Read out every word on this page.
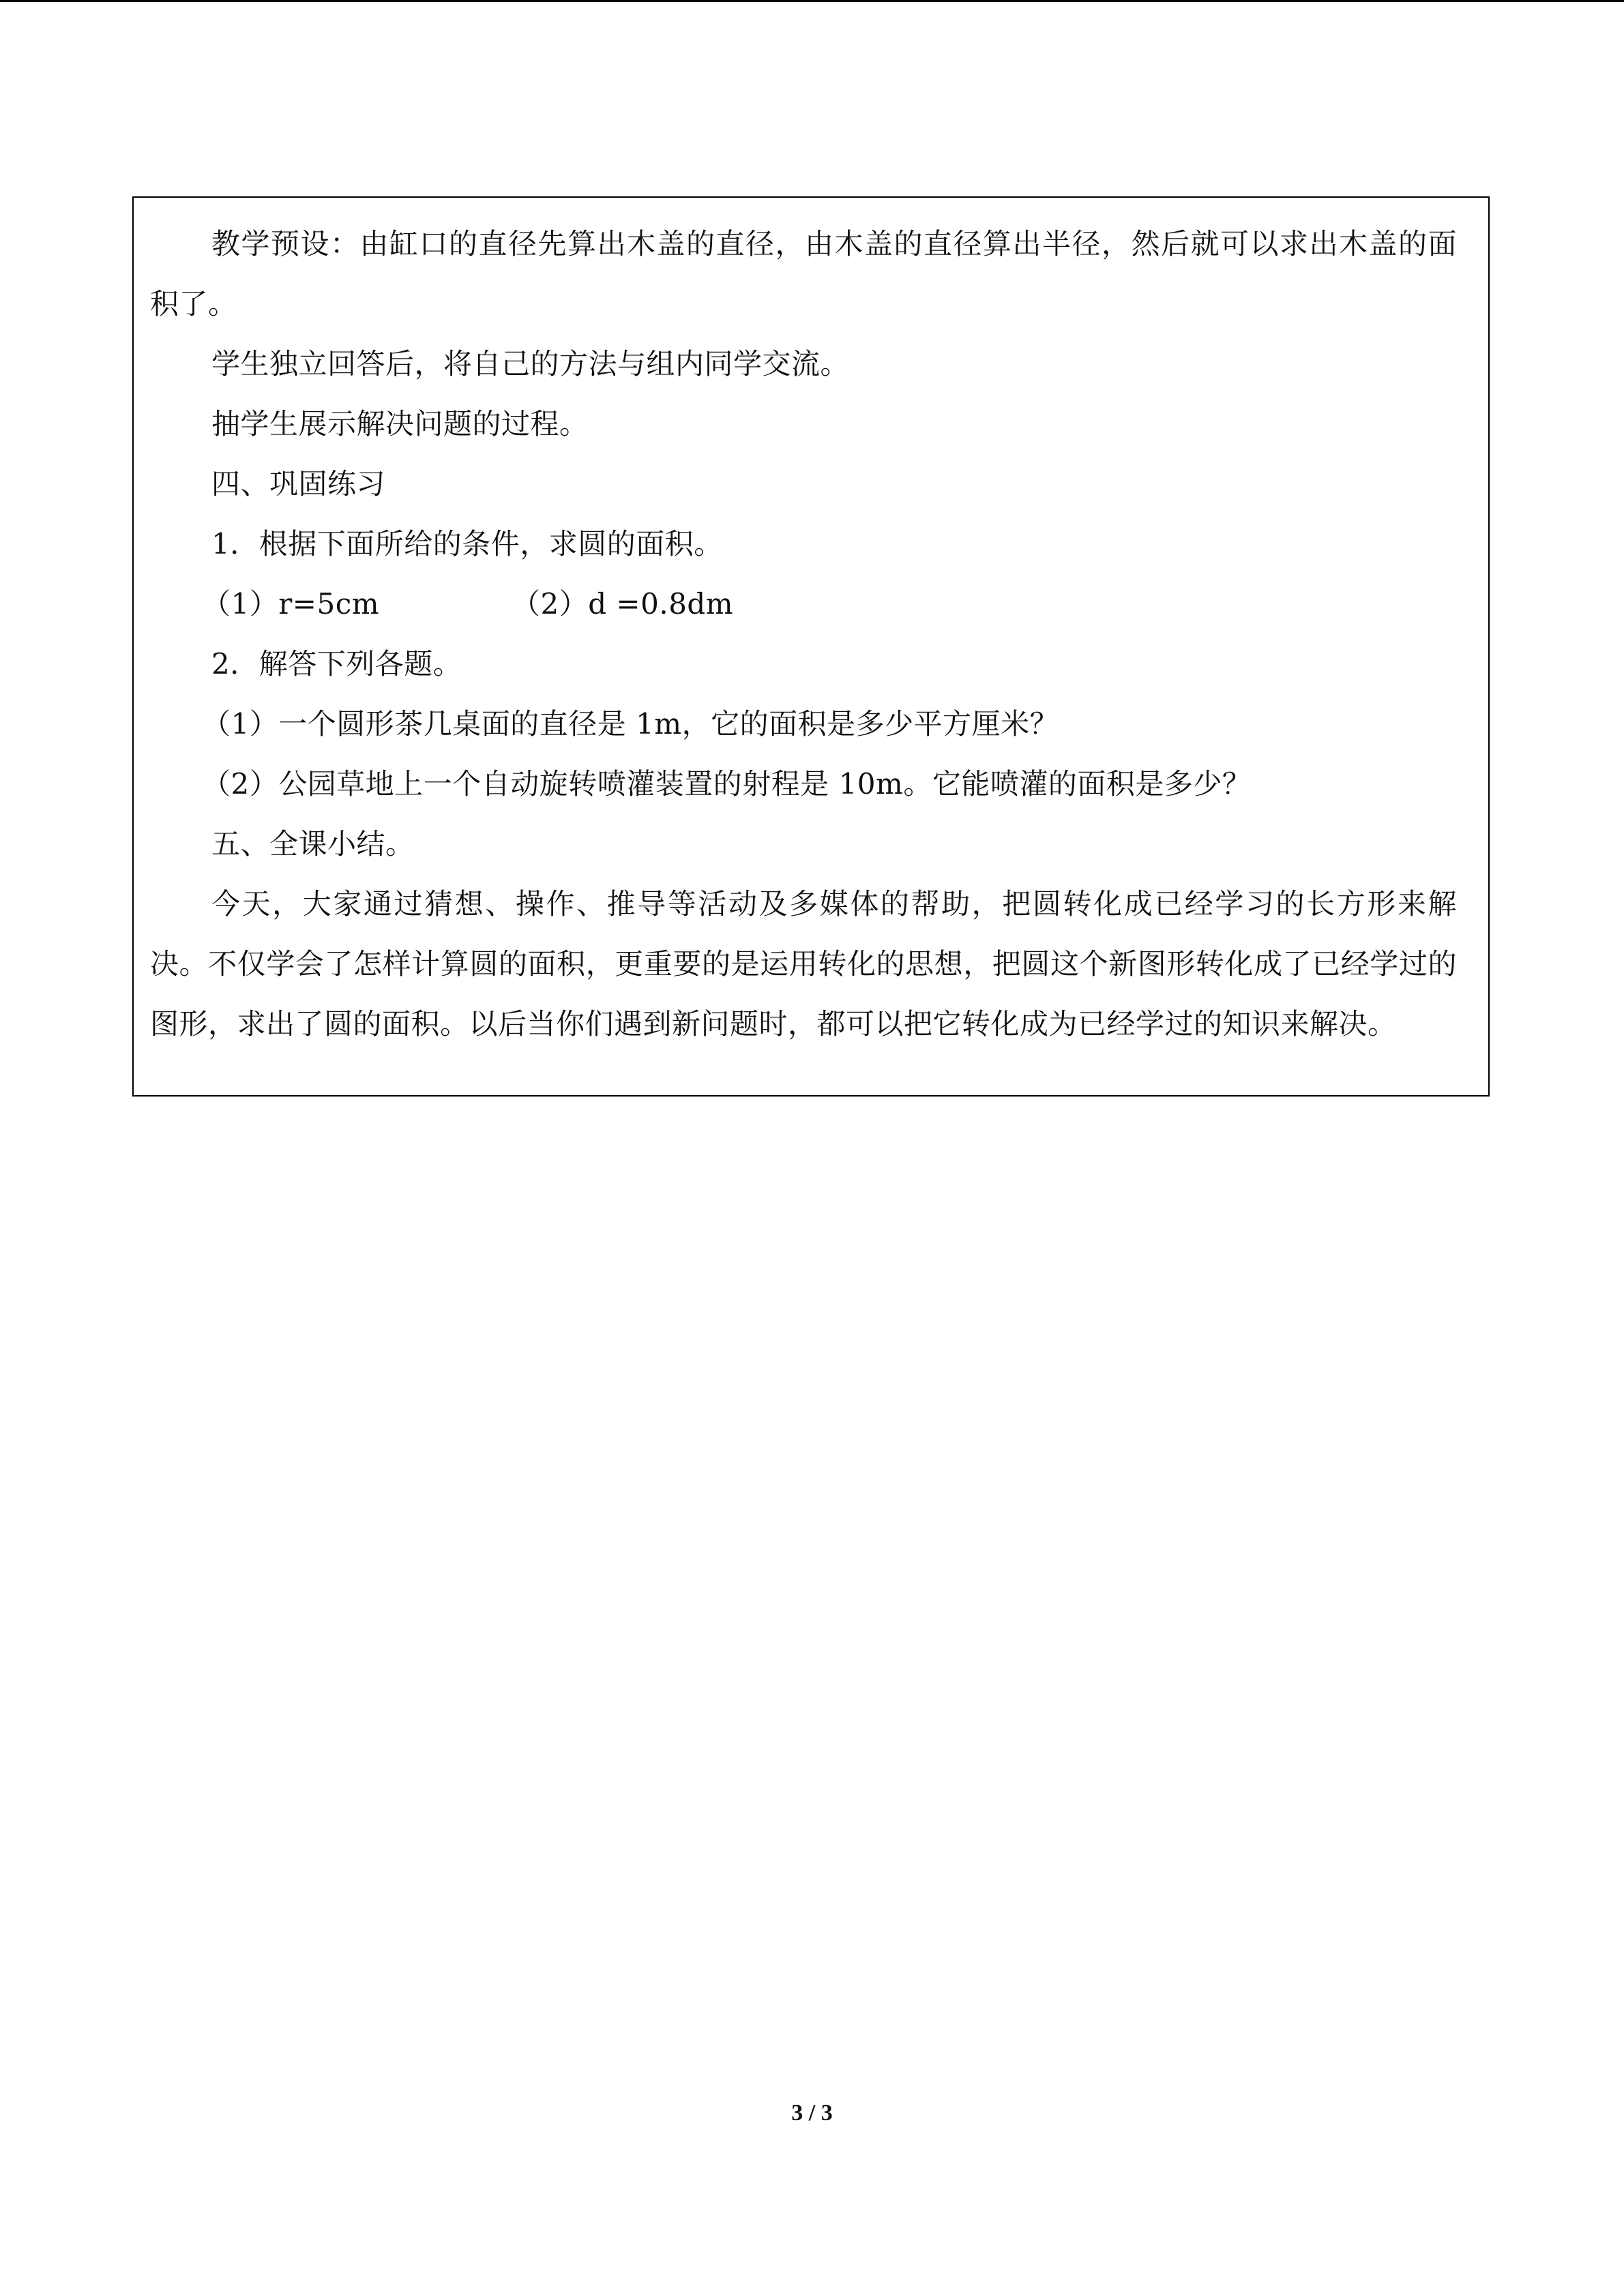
教学预设：由缸口的直径先算出木盖的直径，由木盖的直径算出半径，然后就可以求出木盖的面积了。

学生独立回答后，将自己的方法与组内同学交流。

抽学生展示解决问题的过程。

四、巩固练习

1．根据下面所给的条件，求圆的面积。

（1）r=5cm              （2）d =0.8dm

2．解答下列各题。

（1）一个圆形茶几桌面的直径是 1m，它的面积是多少平方厘米？

（2）公园草地上一个自动旋转喷灌装置的射程是 10m。它能喷灌的面积是多少？

五、全课小结。

今天，大家通过猜想、操作、推导等活动及多媒体的帮助，把圆转化成已经学习的长方形来解决。不仅学会了怎样计算圆的面积，更重要的是运用转化的思想，把圆这个新图形转化成了已经学过的图形，求出了圆的面积。以后当你们遇到新问题时，都可以把它转化成为已经学过的知识来解决。

3 / 3
